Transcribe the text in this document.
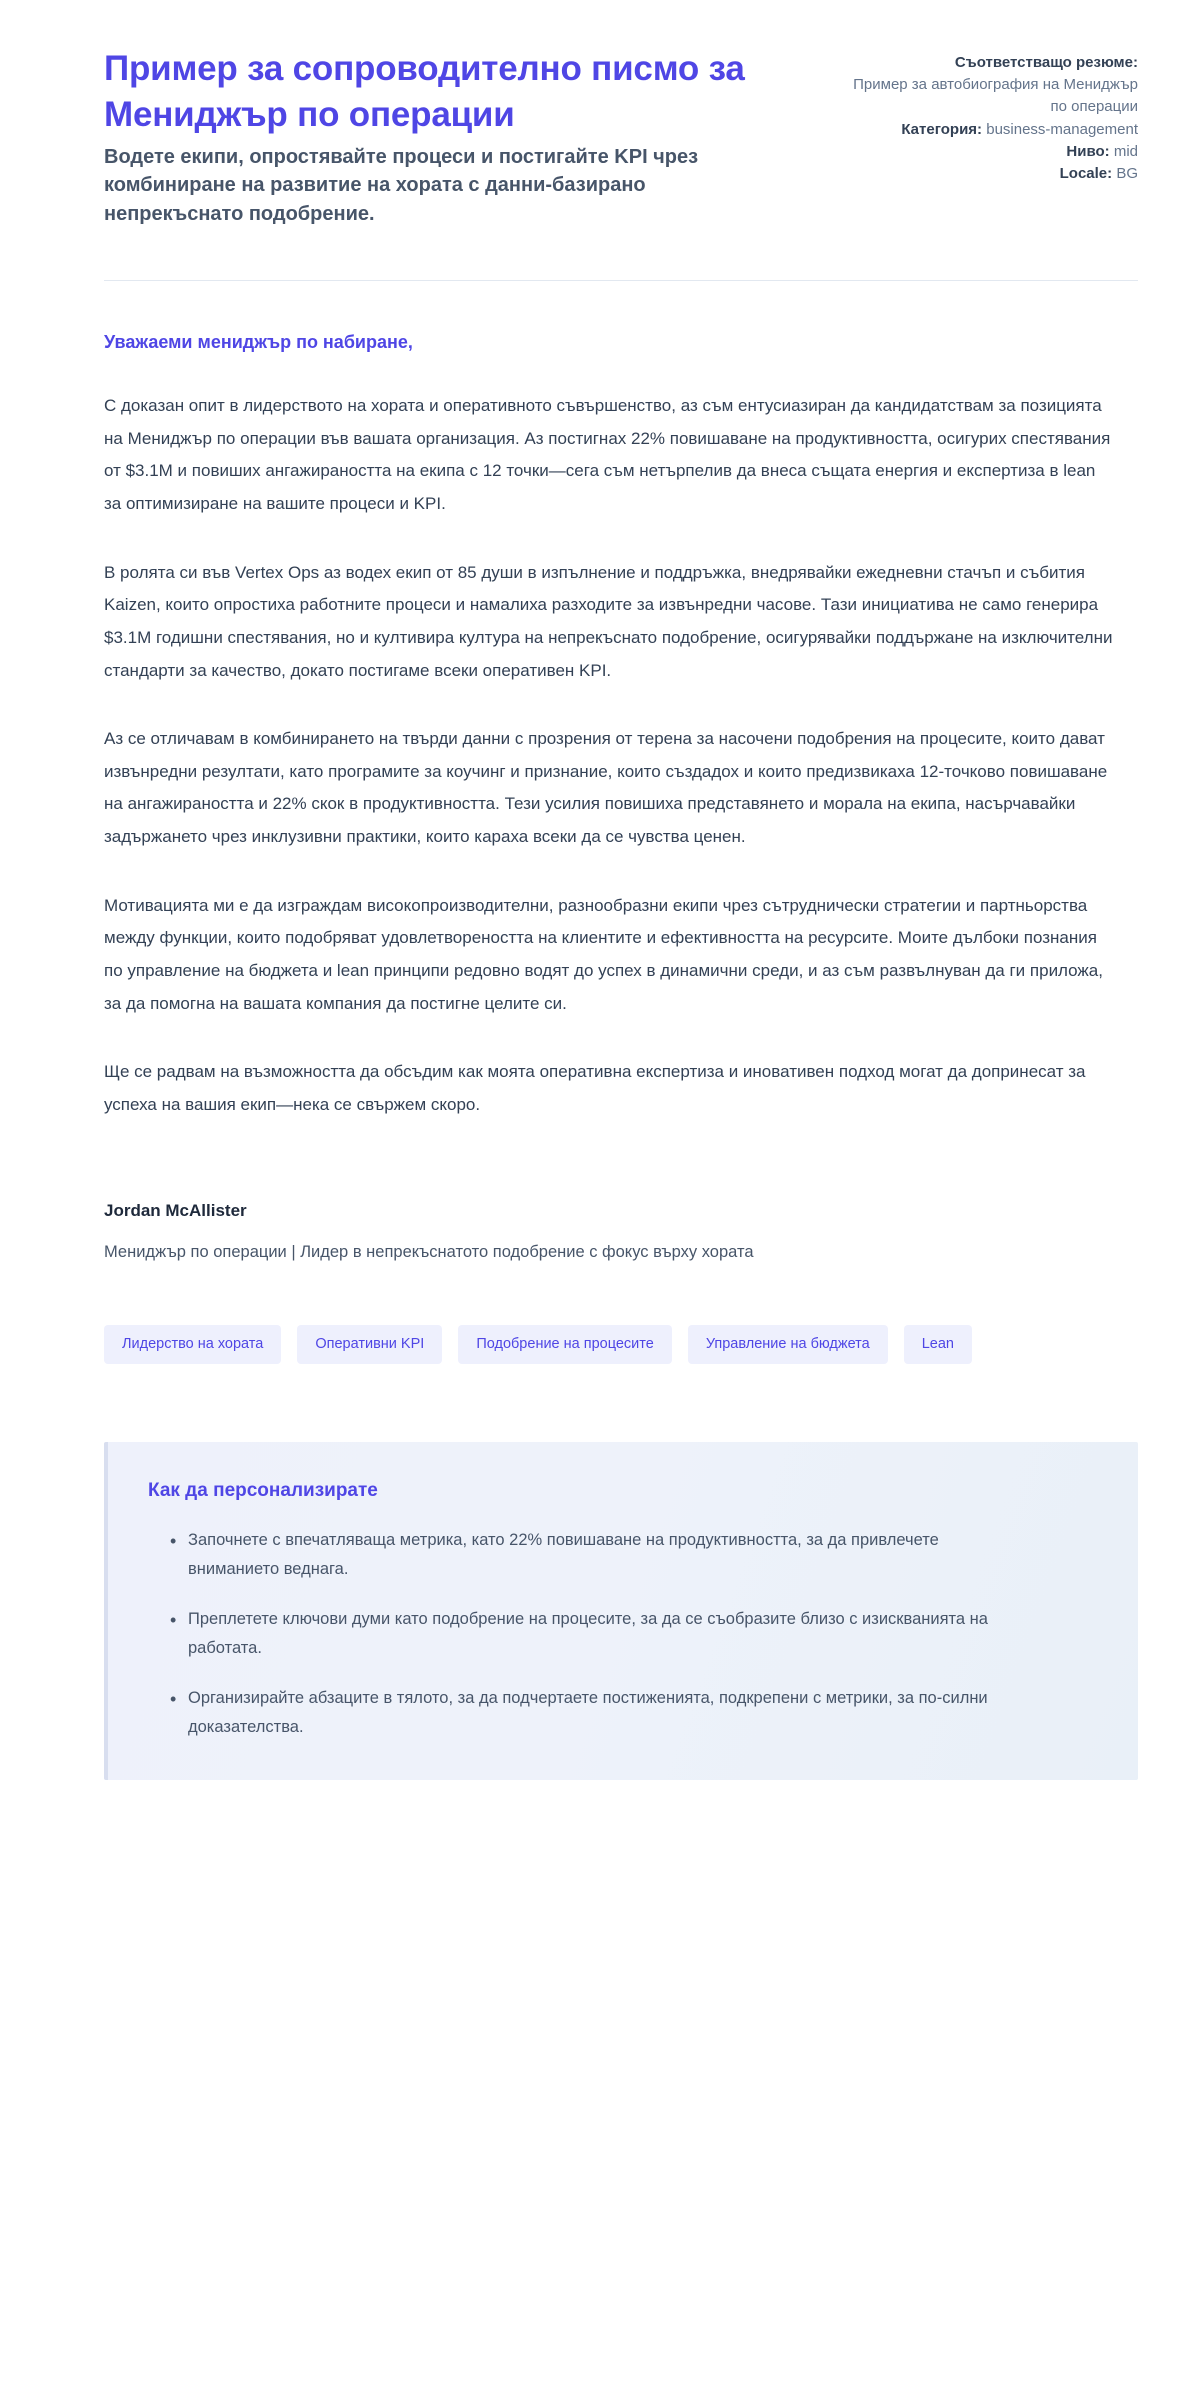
Пример за сопроводително писмо за Мениджър по операции

Водете екипи, опростявайте процеси и постигайте KPI чрез комбиниране на развитие на хората с данни-базирано непрекъснато подобрение.

Съответстващо резюме:
Пример за автобиография на Мениджър по операции
Категория: business-management
Ниво: mid
Locale: BG

Уважаеми мениджър по набиране,

С доказан опит в лидерството на хората и оперативното съвършенство, аз съм ентусиазиран да кандидатствам за позицията на Мениджър по операции във вашата организация. Аз постигнах 22% повишаване на продуктивността, осигурих спестявания от $3.1M и повиших ангажираността на екипа с 12 точки—сега съм нетърпелив да внеса същата енергия и експертиза в lean за оптимизиране на вашите процеси и KPI.

В ролята си във Vertex Ops аз водех екип от 85 души в изпълнение и поддръжка, внедрявайки ежедневни стачъп и събития Kaizen, които опростиха работните процеси и намалиха разходите за извънредни часове. Тази инициатива не само генерира $3.1M годишни спестявания, но и култивира култура на непрекъснато подобрение, осигурявайки поддържане на изключителни стандарти за качество, докато постигаме всеки оперативен KPI.

Аз се отличавам в комбинирането на твърди данни с прозрения от терена за насочени подобрения на процесите, които дават извънредни резултати, като програмите за коучинг и признание, които създадох и които предизвикаха 12-точково повишаване на ангажираността и 22% скок в продуктивността. Тези усилия повишиха представянето и морала на екипа, насърчавайки задържането чрез инклузивни практики, които караха всеки да се чувства ценен.

Мотивацията ми е да изграждам високопроизводителни, разнообразни екипи чрез сътруднически стратегии и партньорства между функции, които подобряват удовлетвореността на клиентите и ефективността на ресурсите. Моите дълбоки познания по управление на бюджета и lean принципи редовно водят до успех в динамични среди, и аз съм развълнуван да ги приложа, за да помогна на вашата компания да постигне целите си.

Ще се радвам на възможността да обсъдим как моята оперативна експертиза и иновативен подход могат да допринесат за успеха на вашия екип—нека се свържем скоро.

Jordan McAllister

Мениджър по операции | Лидер в непрекъснатото подобрение с фокус върху хората

Лидерство на хората	Оперативни KPI	Подобрение на процесите	Управление на бюджета	Lean
Как да персонализирате
• Започнете с впечатляваща метрика, като 22% повишаване на продуктивността, за да привлечете вниманието веднага.
• Преплетете ключови думи като подобрение на процесите, за да се съобразите близо с изискванията на работата.
• Организирайте абзаците в тялото, за да подчертаете постиженията, подкрепени с метрики, за по-силни доказателства.
